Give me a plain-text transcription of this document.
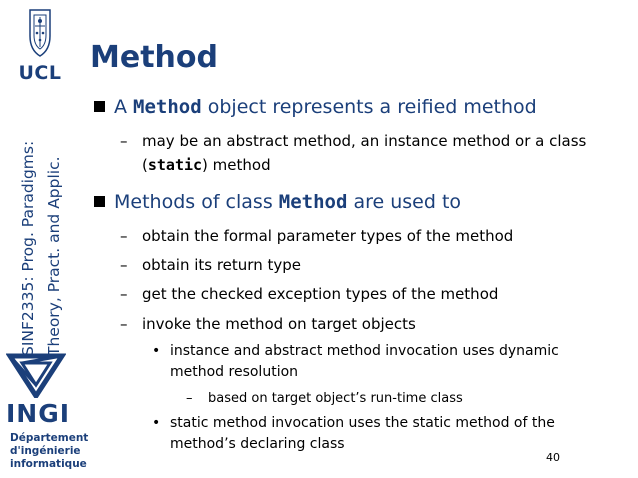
UCL
SINF2335: Prog. Paradigms: Theory, Pract. and Applic.
INGI
Département
d'ingénierie
informatique
Method
A Method object represents a reified method
– may be an abstract method, an instance method or a class
(static) method
Methods of class Method are used to
– obtain the formal parameter types of the method
– obtain its return type
– get the checked exception types of the method
– invoke the method on target objects
• instance and abstract method invocation uses dynamic
method resolution
– based on target object’s run-time class
• static method invocation uses the static method of the
method’s declaring class
40
